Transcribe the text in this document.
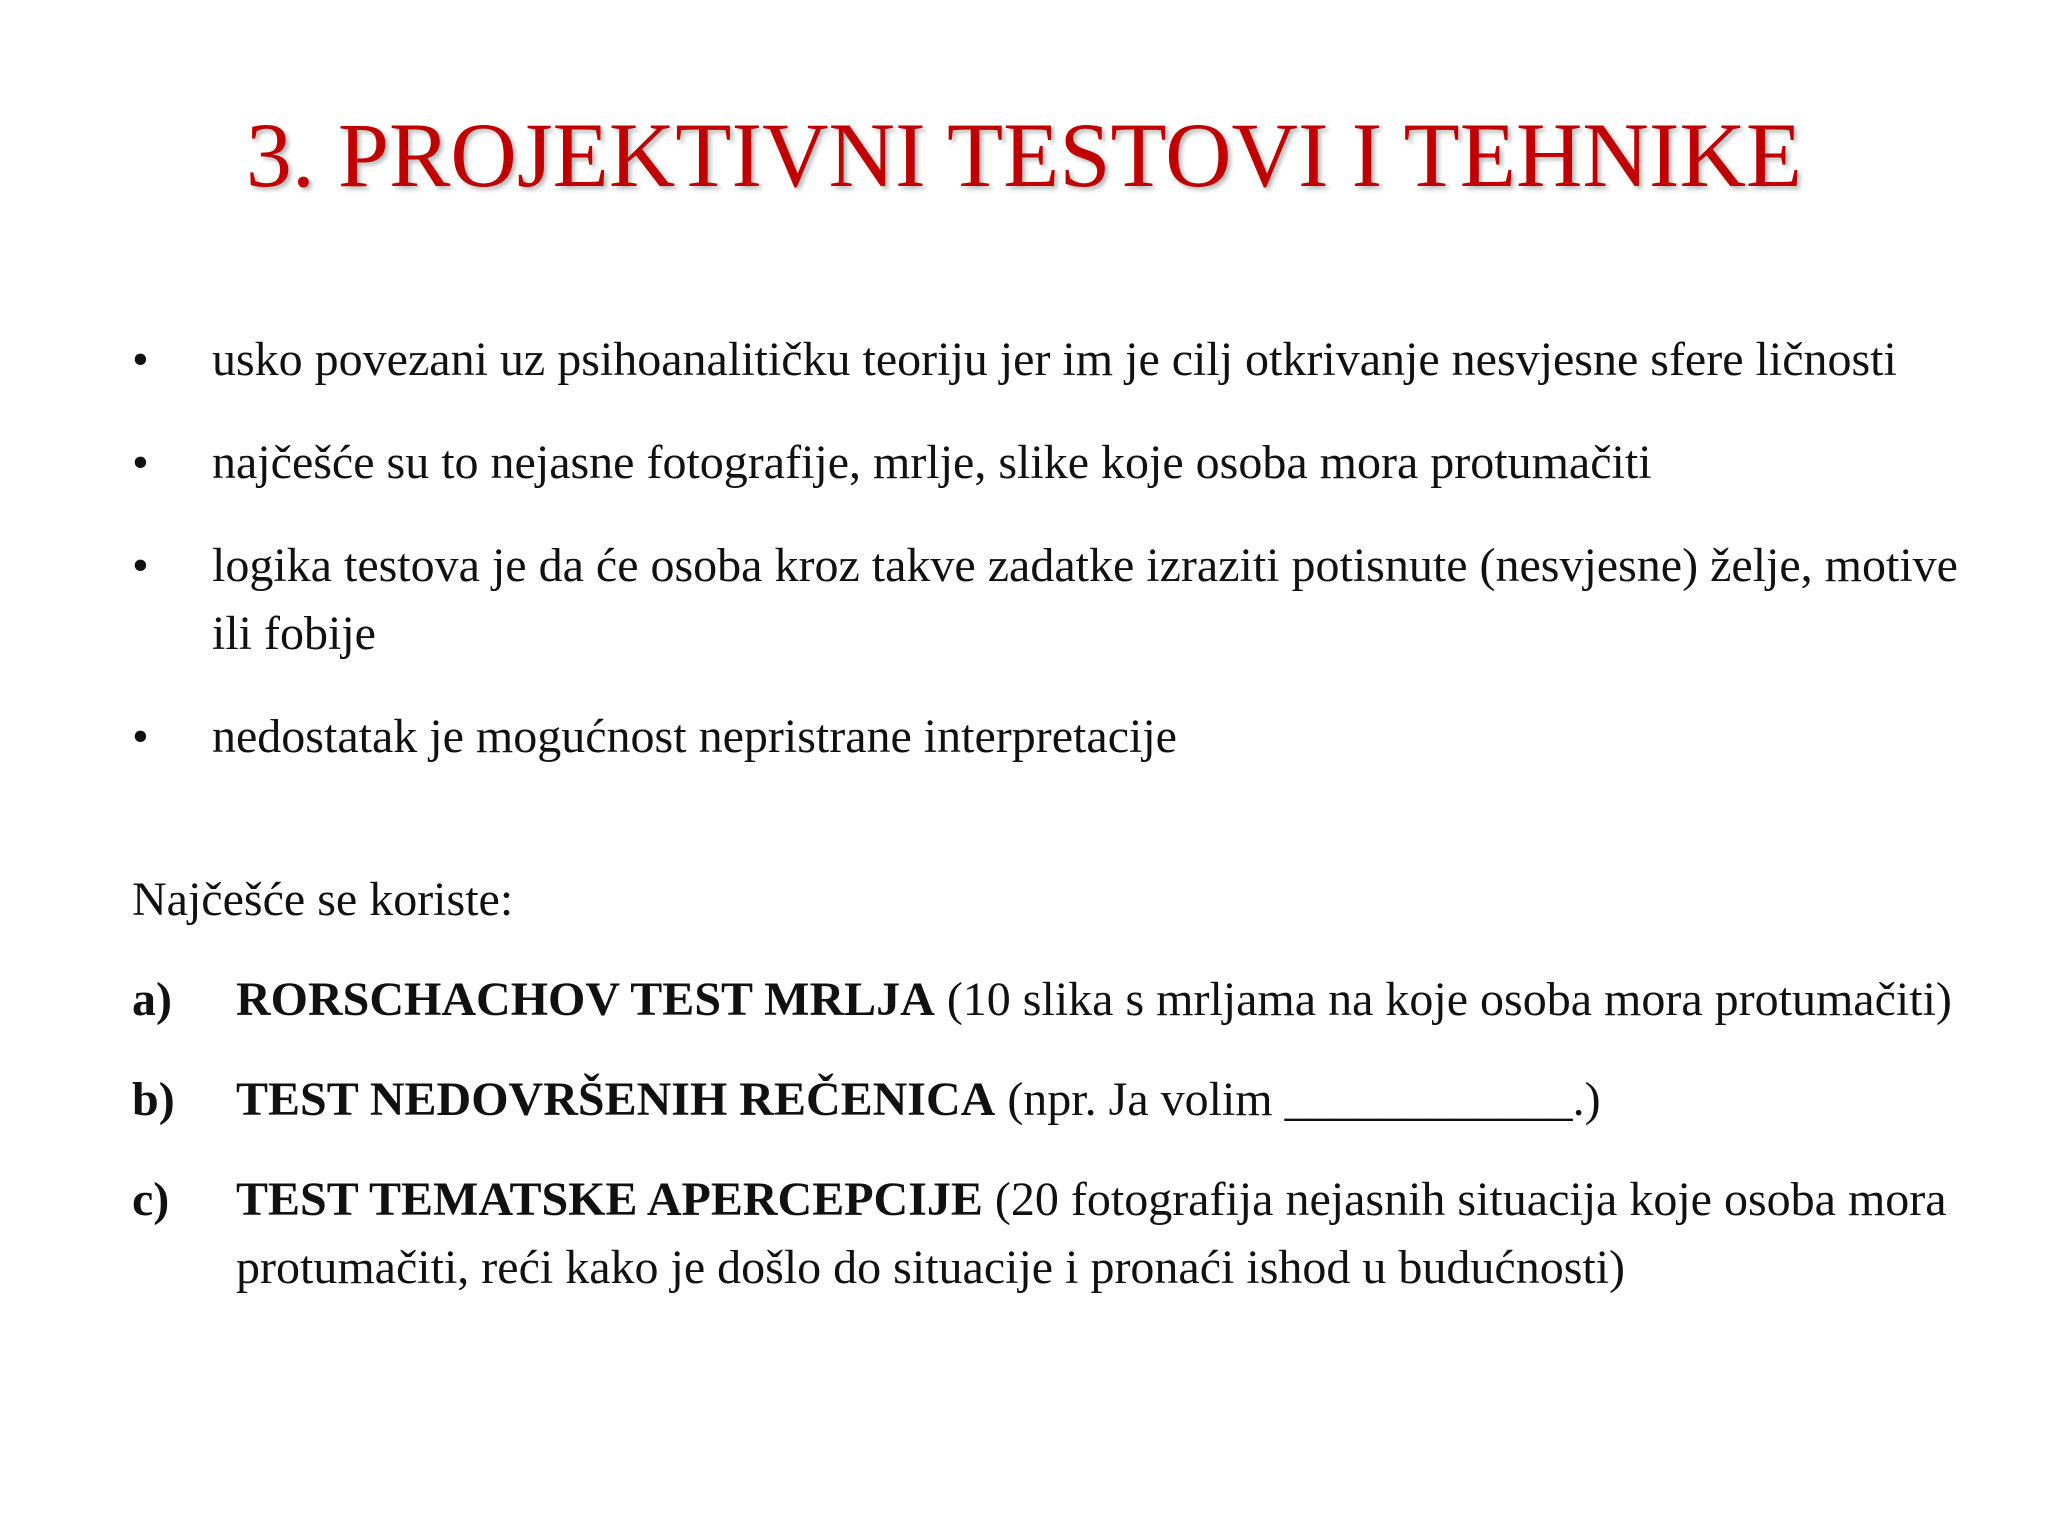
3. PROJEKTIVNI TESTOVI I TEHNIKE
•	usko povezani uz psihoanalitičku teoriju jer im je cilj otkrivanje nesvjesne sfere ličnosti
•	najčešće su to nejasne fotografije, mrlje, slike koje osoba mora protumačiti
•	logika testova je da će osoba kroz takve zadatke izraziti potisnute (nesvjesne) želje, motive ili fobije
•	nedostatak je mogućnost nepristrane interpretacije
Najčešće se koriste:
a)	RORSCHACHOV TEST MRLJA (10 slika s mrljama na koje osoba mora protumačiti)
b)	TEST NEDOVRŠENIH REČENICA (npr. Ja volim ____________.)
c)	TEST TEMATSKE APERCEPCIJE (20 fotografija nejasnih situacija koje osoba mora protumačiti, reći kako je došlo do situacije i pronaći ishod u budućnosti)
